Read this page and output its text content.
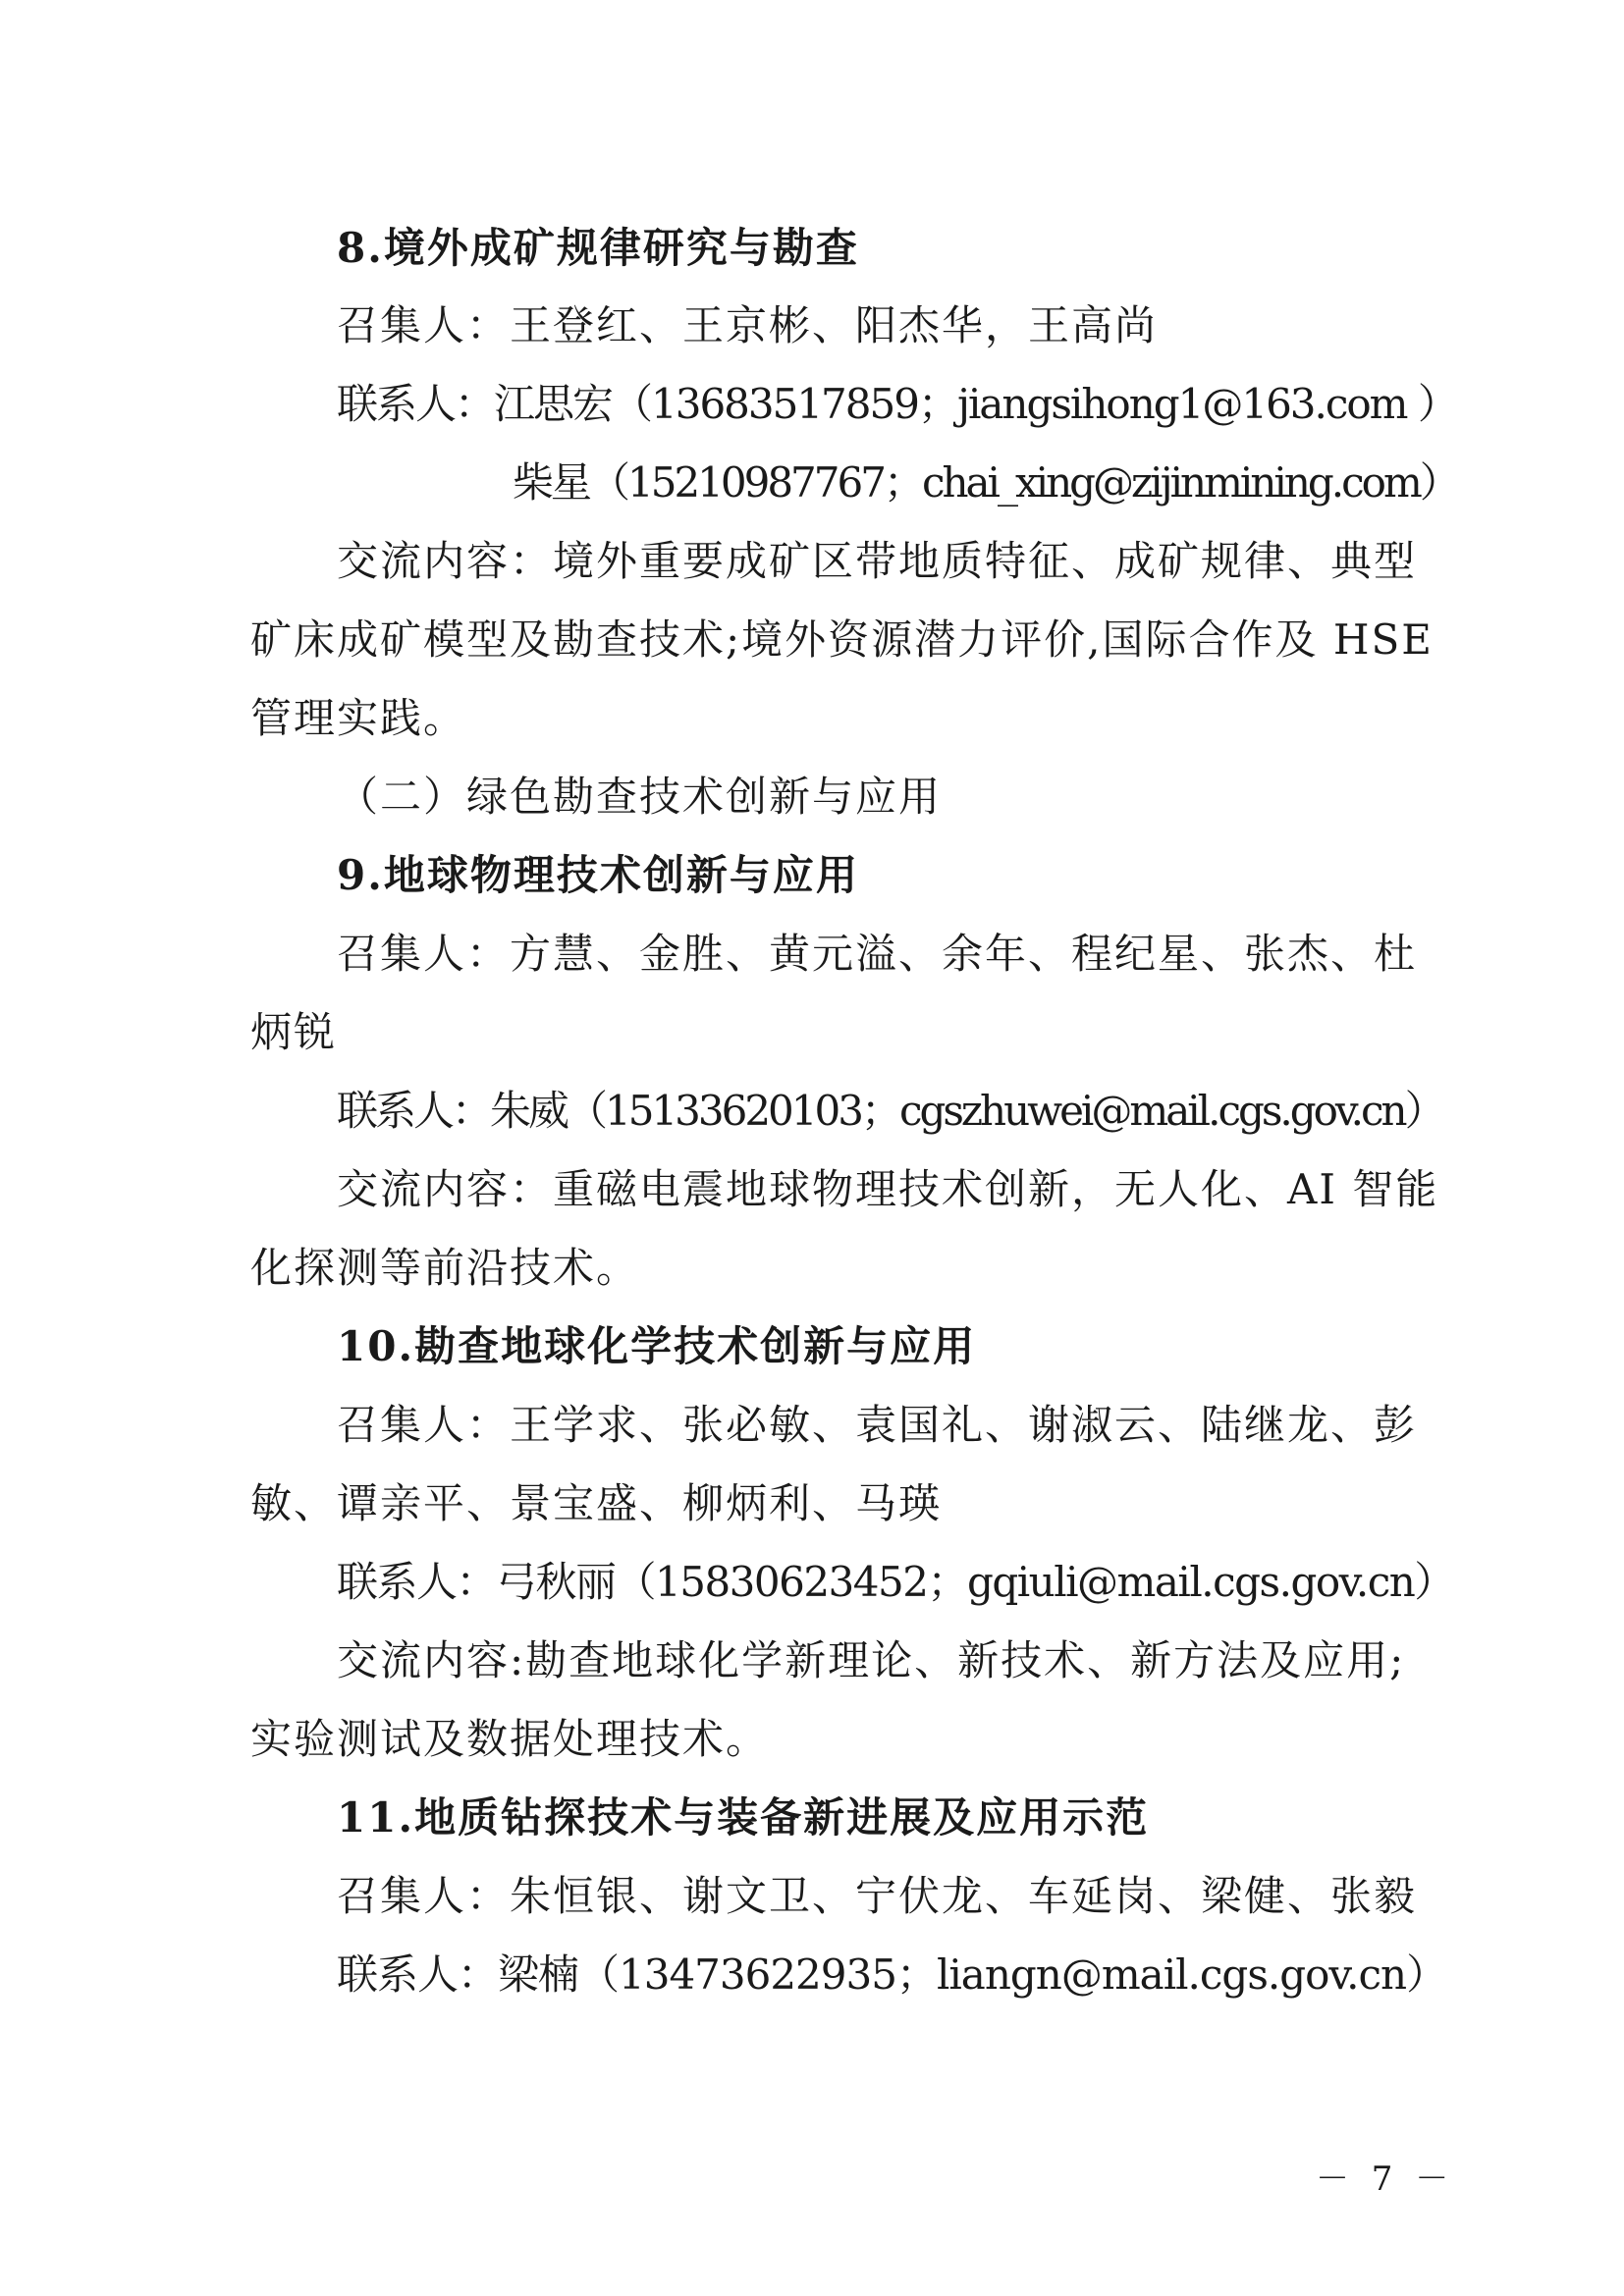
8.境外成矿规律研究与勘查
召集人：王登红、王京彬、阳杰华，王高尚
联系人：江思宏（13683517859；jiangsihong1@163.com ）
柴星（15210987767；chai_xing@zijinmining.com）
交流内容：境外重要成矿区带地质特征、成矿规律、典型
矿床成矿模型及勘查技术;境外资源潜力评价,国际合作及 HSE
管理实践。
（二）绿色勘查技术创新与应用
9.地球物理技术创新与应用
召集人：方慧、金胜、黄元溢、余年、程纪星、张杰、杜
炳锐
联系人：朱威（15133620103；cgszhuwei@mail.cgs.gov.cn）
交流内容：重磁电震地球物理技术创新，无人化、AI 智能
化探测等前沿技术。
10.勘查地球化学技术创新与应用
召集人：王学求、张必敏、袁国礼、谢淑云、陆继龙、彭
敏、谭亲平、景宝盛、柳炳利、马瑛
联系人：弓秋丽（15830623452；gqiuli@mail.cgs.gov.cn）
交流内容:勘查地球化学新理论、新技术、新方法及应用;
实验测试及数据处理技术。
11.地质钻探技术与装备新进展及应用示范
召集人：朱恒银、谢文卫、宁伏龙、车延岗、梁健、张毅
联系人：梁楠（13473622935；liangn@mail.cgs.gov.cn）
－ 7 －
